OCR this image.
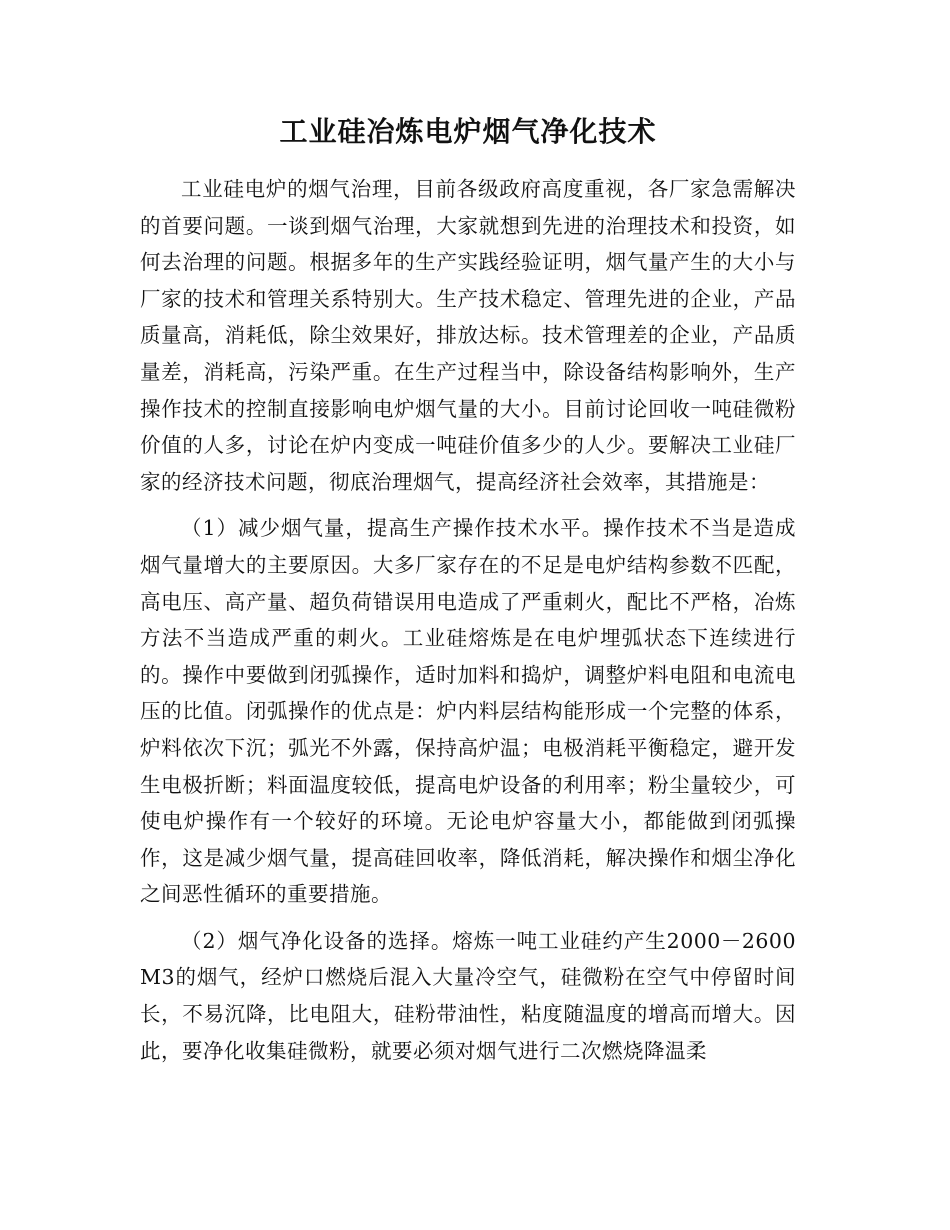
工业硅冶炼电炉烟气净化技术

工业硅电炉的烟气治理，目前各级政府高度重视，各厂家急需解决的首要问题。一谈到烟气治理，大家就想到先进的治理技术和投资，如何去治理的问题。根据多年的生产实践经验证明，烟气量产生的大小与厂家的技术和管理关系特别大。生产技术稳定、管理先进的企业，产品质量高，消耗低，除尘效果好，排放达标。技术管理差的企业，产品质量差，消耗高，污染严重。在生产过程当中，除设备结构影响外，生产操作技术的控制直接影响电炉烟气量的大小。目前讨论回收一吨硅微粉价值的人多，讨论在炉内变成一吨硅价值多少的人少。要解决工业硅厂家的经济技术问题，彻底治理烟气，提高经济社会效率，其措施是：

（1）减少烟气量，提高生产操作技术水平。操作技术不当是造成烟气量增大的主要原因。大多厂家存在的不足是电炉结构参数不匹配，高电压、高产量、超负荷错误用电造成了严重刺火，配比不严格，冶炼方法不当造成严重的刺火。工业硅熔炼是在电炉埋弧状态下连续进行的。操作中要做到闭弧操作，适时加料和捣炉，调整炉料电阻和电流电压的比值。闭弧操作的优点是：炉内料层结构能形成一个完整的体系，炉料依次下沉；弧光不外露，保持高炉温；电极消耗平衡稳定，避开发生电极折断；料面温度较低，提高电炉设备的利用率；粉尘量较少，可使电炉操作有一个较好的环境。无论电炉容量大小，都能做到闭弧操作，这是减少烟气量，提高硅回收率，降低消耗，解决操作和烟尘净化之间恶性循环的重要措施。

（2）烟气净化设备的选择。熔炼一吨工业硅约产生2000－2600M3的烟气，经炉口燃烧后混入大量冷空气，硅微粉在空气中停留时间长，不易沉降，比电阻大，硅粉带油性，粘度随温度的增高而增大。因此，要净化收集硅微粉，就要必须对烟气进行二次燃烧降温柔
